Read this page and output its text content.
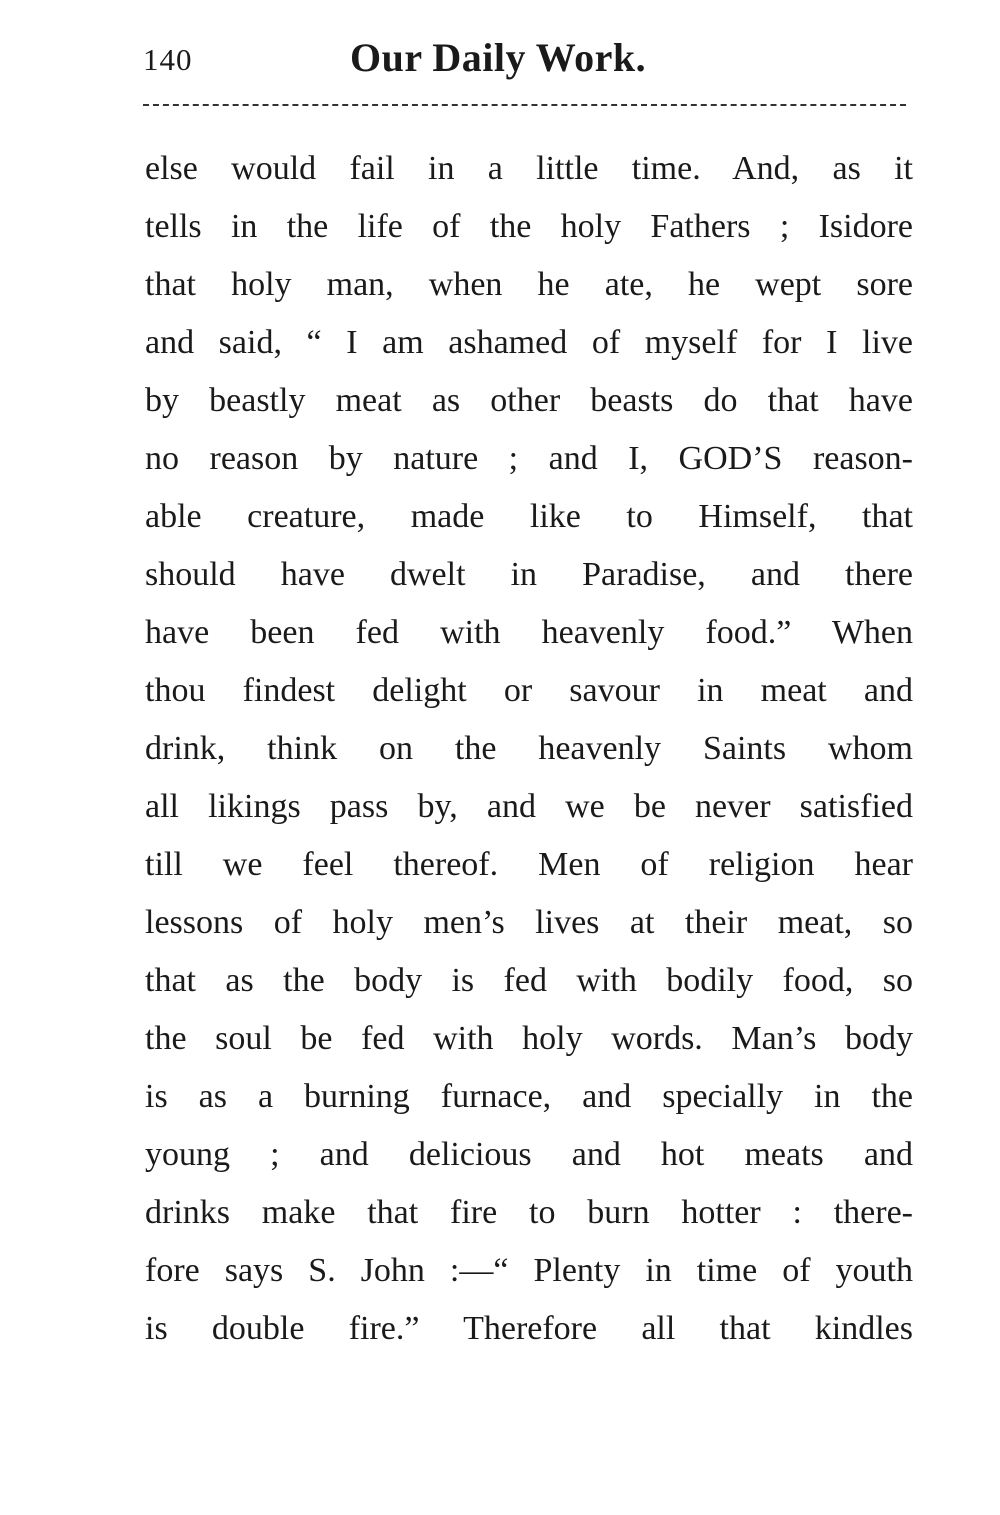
140	Our Daily Work.
else would fail in a little time. And, as it
tells in the life of the holy Fathers ; Isidore
that holy man, when he ate, he wept sore
and said, “ I am ashamed of myself for I live
by beastly meat as other beasts do that have
no reason by nature ; and I, GOD’S reason-
able creature, made like to Himself, that
should have dwelt in Paradise, and there
have been fed with heavenly food.” When
thou findest delight or savour in meat and
drink, think on the heavenly Saints whom
all likings pass by, and we be never satisfied
till we feel thereof. Men of religion hear
lessons of holy men’s lives at their meat, so
that as the body is fed with bodily food, so
the soul be fed with holy words. Man’s body
is as a burning furnace, and specially in the
young ; and delicious and hot meats and
drinks make that fire to burn hotter : there-
fore says S. John :—“ Plenty in time of youth
is double fire.” Therefore all that kindles
